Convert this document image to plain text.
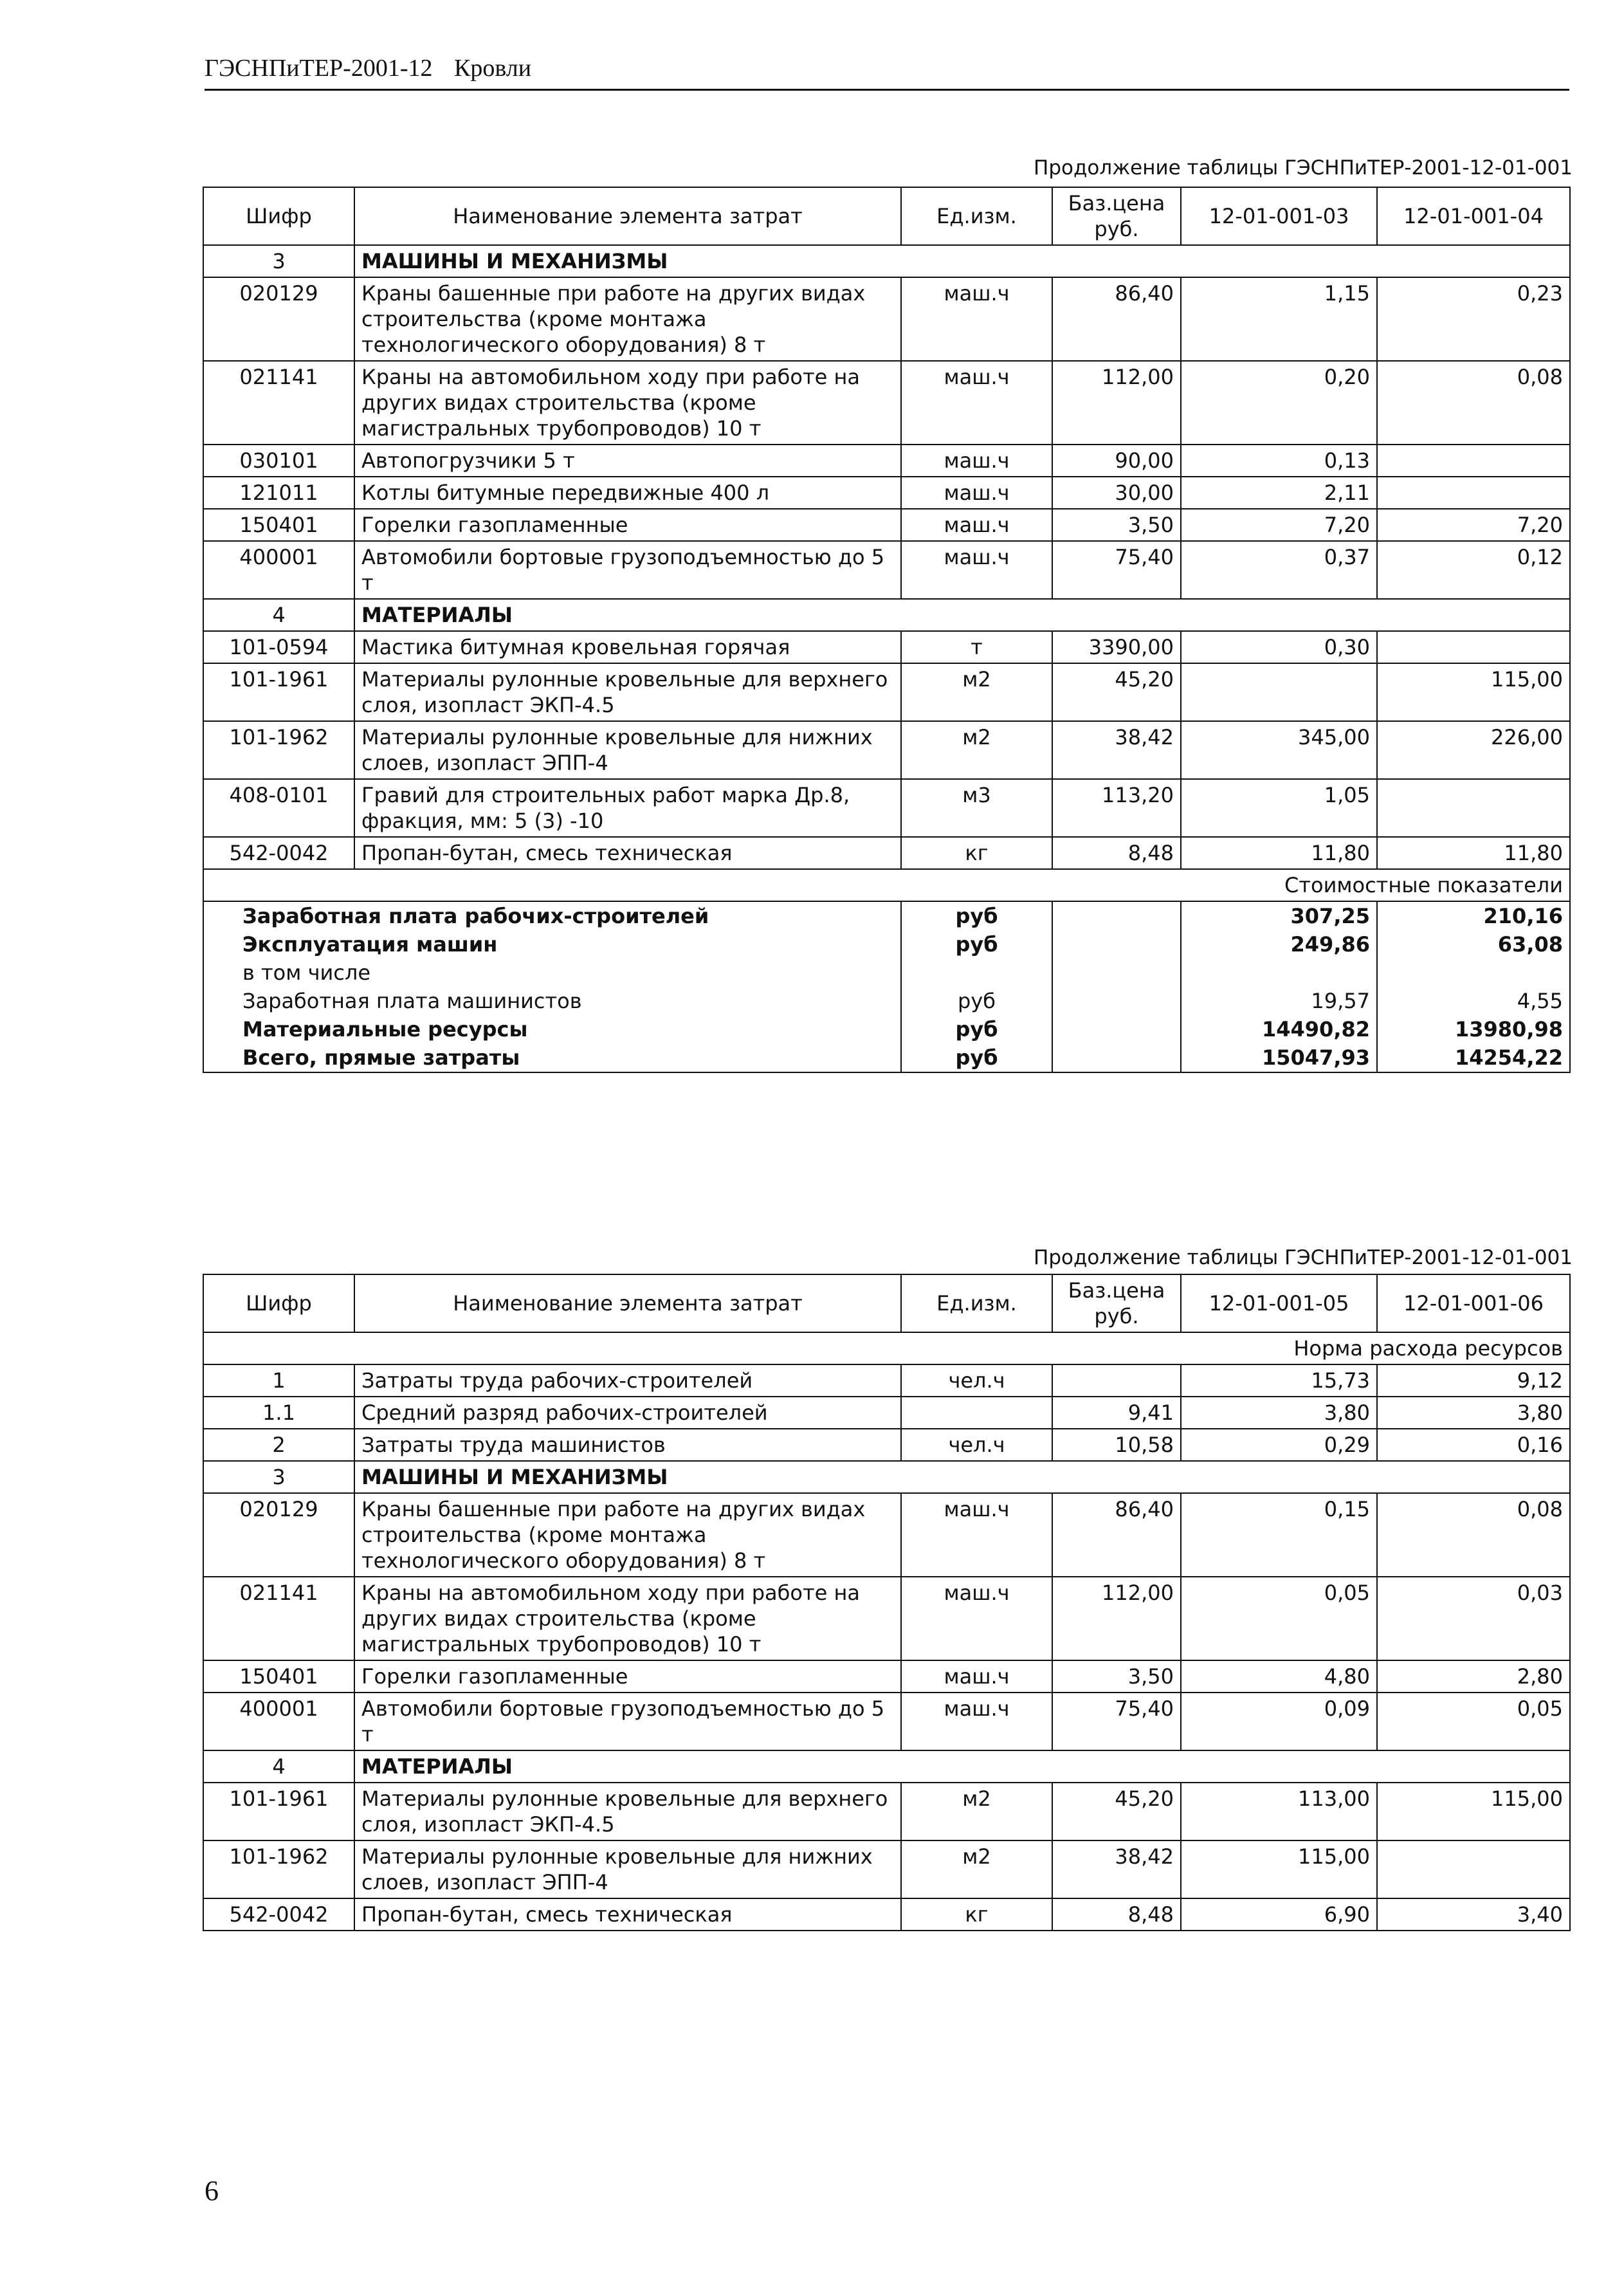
ГЭСНПиТЕР-2001-12 Кровли
Продолжение таблицы ГЭСНПиТЕР-2001-12-01-001
Шифр	Наименование элемента затрат	Ед.изм.	Баз.цена руб.	12-01-001-03	12-01-001-04
3	МАШИНЫ И МЕХАНИЗМЫ				
020129	Краны башенные при работе на других видах строительства (кроме монтажа технологического оборудования) 8 т	маш.ч	86,40	1,15	0,23
021141	Краны на автомобильном ходу при работе на других видах строительства (кроме магистральных трубопроводов) 10 т	маш.ч	112,00	0,20	0,08
030101	Автопогрузчики 5 т	маш.ч	90,00	0,13	
121011	Котлы битумные передвижные 400 л	маш.ч	30,00	2,11	
150401	Горелки газопламенные	маш.ч	3,50	7,20	7,20
400001	Автомобили бортовые грузоподъемностью до 5 т	маш.ч	75,40	0,37	0,12
4	МАТЕРИАЛЫ				
101-0594	Мастика битумная кровельная горячая	т	3390,00	0,30	
101-1961	Материалы рулонные кровельные для верхнего слоя, изопласт ЭКП-4.5	м2	45,20		115,00
101-1962	Материалы рулонные кровельные для нижних слоев, изопласт ЭПП-4	м2	38,42	345,00	226,00
408-0101	Гравий для строительных работ марка Др.8, фракция, мм: 5 (3) -10	м3	113,20	1,05	
542-0042	Пропан-бутан, смесь техническая	кг	8,48	11,80	11,80
Стоимостные показатели					
Заработная плата рабочих-строителей		руб		307,25	210,16
Эксплуатация машин		руб		249,86	63,08
в том числе					
Заработная плата машинистов		руб		19,57	4,55
Материальные ресурсы		руб		14490,82	13980,98
Всего, прямые затраты		руб		15047,93	14254,22
Продолжение таблицы ГЭСНПиТЕР-2001-12-01-001
Шифр	Наименование элемента затрат	Ед.изм.	Баз.цена руб.	12-01-001-05	12-01-001-06
Норма расхода ресурсов					
1	Затраты труда рабочих-строителей	чел.ч		15,73	9,12
1.1	Средний разряд рабочих-строителей		9,41	3,80	3,80
2	Затраты труда машинистов	чел.ч	10,58	0,29	0,16
3	МАШИНЫ И МЕХАНИЗМЫ				
020129	Краны башенные при работе на других видах строительства (кроме монтажа технологического оборудования) 8 т	маш.ч	86,40	0,15	0,08
021141	Краны на автомобильном ходу при работе на других видах строительства (кроме магистральных трубопроводов) 10 т	маш.ч	112,00	0,05	0,03
150401	Горелки газопламенные	маш.ч	3,50	4,80	2,80
400001	Автомобили бортовые грузоподъемностью до 5 т	маш.ч	75,40	0,09	0,05
4	МАТЕРИАЛЫ				
101-1961	Материалы рулонные кровельные для верхнего слоя, изопласт ЭКП-4.5	м2	45,20	113,00	115,00
101-1962	Материалы рулонные кровельные для нижних слоев, изопласт ЭПП-4	м2	38,42	115,00	
542-0042	Пропан-бутан, смесь техническая	кг	8,48	6,90	3,40
6
